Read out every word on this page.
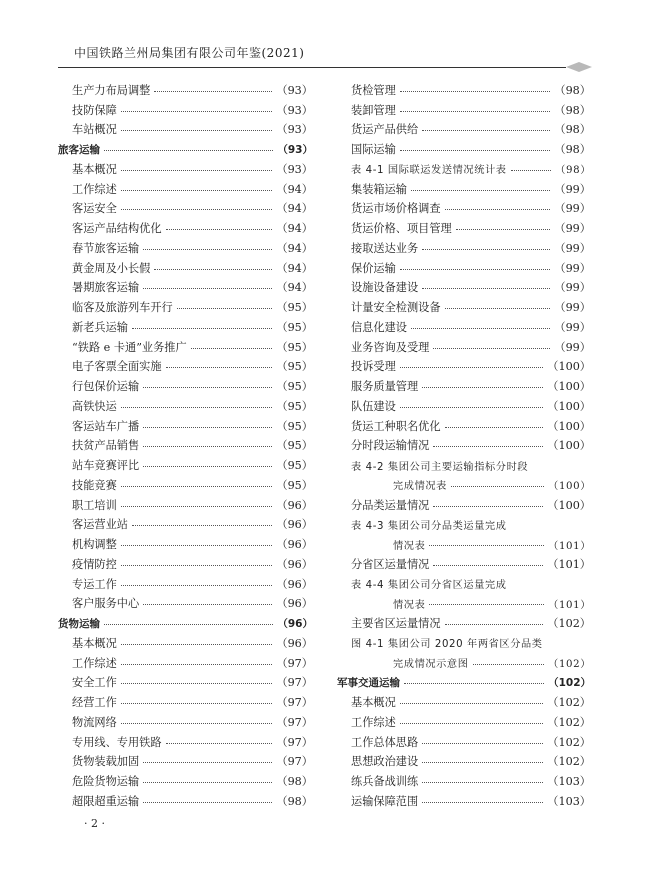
中国铁路兰州局集团有限公司年鉴(2021)
生产力布局调整	（93）
技防保障	（93）
车站概况	（93）
旅客运输	（93）
基本概况	（93）
工作综述	（94）
客运安全	（94）
客运产品结构优化	（94）
春节旅客运输	（94）
黄金周及小长假	（94）
暑期旅客运输	（94）
临客及旅游列车开行	（95）
新老兵运输	（95）
“铁路 e 卡通”业务推广	（95）
电子客票全面实施	（95）
行包保价运输	（95）
高铁快运	（95）
客运站车广播	（95）
扶贫产品销售	（95）
站车竞赛评比	（95）
技能竞赛	（95）
职工培训	（96）
客运营业站	（96）
机构调整	（96）
疫情防控	（96）
专运工作	（96）
客户服务中心	（96）
货物运输	（96）
基本概况	（96）
工作综述	（97）
安全工作	（97）
经营工作	（97）
物流网络	（97）
专用线、专用铁路	（97）
货物装载加固	（97）
危险货物运输	（98）
超限超重运输	（98）
货检管理	（98）
装卸管理	（98）
货运产品供给	（98）
国际运输	（98）
表 4-1 国际联运发送情况统计表	（98）
集装箱运输	（99）
货运市场价格调查	（99）
货运价格、项目管理	（99）
接取送达业务	（99）
保价运输	（99）
设施设备建设	（99）
计量安全检测设备	（99）
信息化建设	（99）
业务咨询及受理	（99）
投诉受理	（100）
服务质量管理	（100）
队伍建设	（100）
货运工种职名优化	（100）
分时段运输情况	（100）
表 4-2 集团公司主要运输指标分时段
完成情况表	（100）
分品类运量情况	（100）
表 4-3 集团公司分品类运量完成
情况表	（101）
分省区运量情况	（101）
表 4-4 集团公司分省区运量完成
情况表	（101）
主要省区运量情况	（102）
图 4-1 集团公司 2020 年两省区分品类
完成情况示意图	（102）
军事交通运输	（102）
基本概况	（102）
工作综述	（102）
工作总体思路	（102）
思想政治建设	（102）
练兵备战训练	（103）
运输保障范围	（103）
· 2 ·
